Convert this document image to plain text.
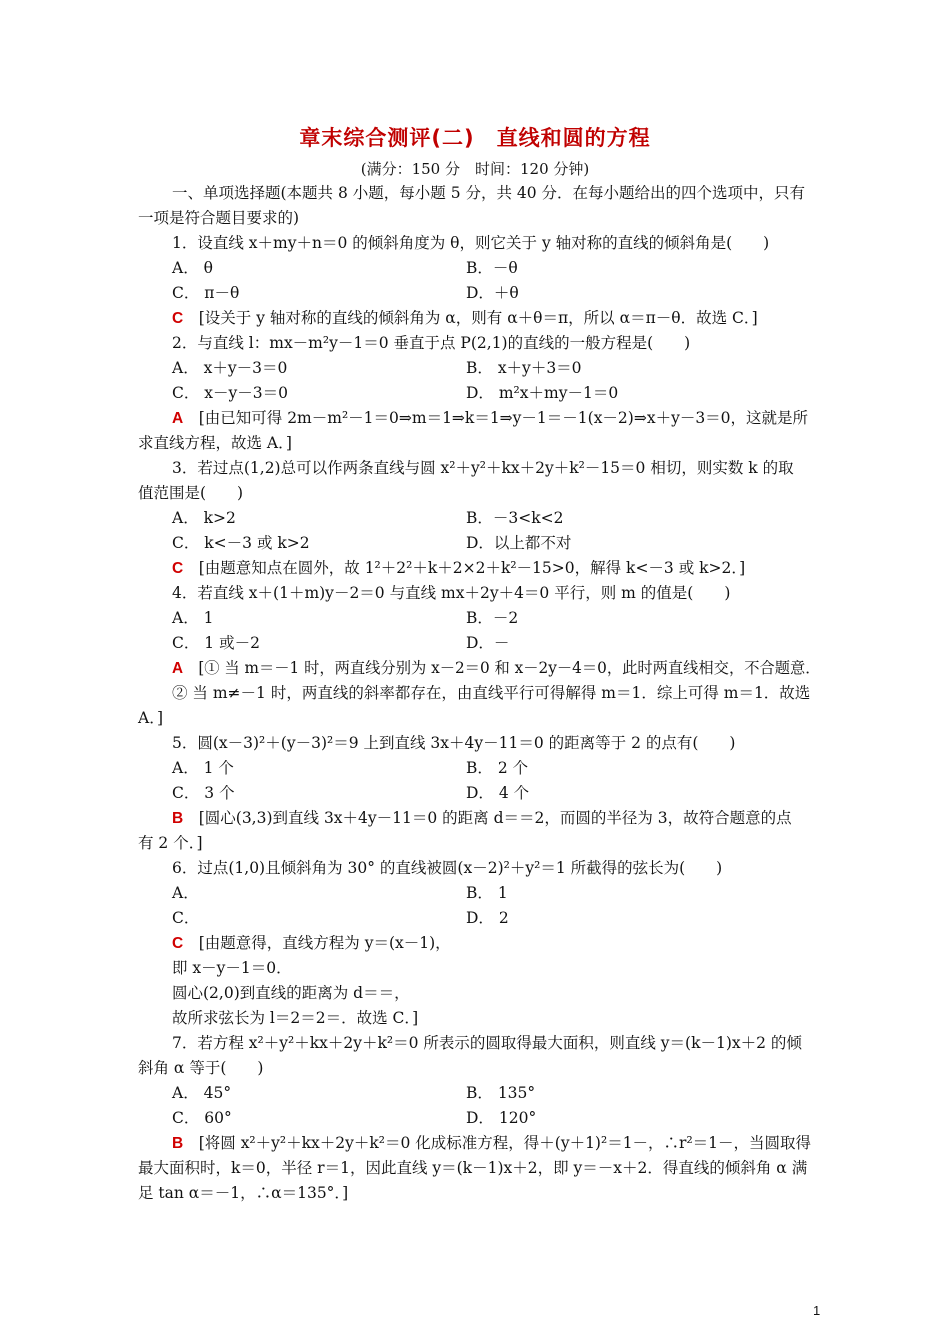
章末综合测评(二)　直线和圆的方程
(满分：150 分　时间：120 分钟)
一、单项选择题(本题共 8 小题，每小题 5 分，共 40 分．在每小题给出的四个选项中，只有
一项是符合题目要求的)
1．设直线 x＋my＋n＝0 的倾斜角度为 θ，则它关于 y 轴对称的直线的倾斜角是(　　)
A． θ	B．－θ
C． π－θ	D．＋θ
C　 [设关于 y 轴对称的直线的倾斜角为 α，则有 α＋θ＝π，所以 α＝π－θ．故选 C．]
2．与直线 l：mx－m²y－1＝0 垂直于点 P(2,1)的直线的一般方程是(　　)
A． x＋y－3＝0	B． x＋y＋3＝0
C． x－y－3＝0	D． m²x＋my－1＝0
A　 [由已知可得 2m－m²－1＝0⇒m＝1⇒k＝1⇒y－1＝－1(x－2)⇒x＋y－3＝0，这就是所
求直线方程，故选 A．]
3．若过点(1,2)总可以作两条直线与圆 x²＋y²＋kx＋2y＋k²－15＝0 相切，则实数 k 的取
值范围是(　　)
A． k>2	B．－3<k<2
C． k<－3 或 k>2	D．以上都不对
C　 [由题意知点在圆外，故 1²＋2²＋k＋2×2＋k²－15>0，解得 k<－3 或 k>2．]
4．若直线 x＋(1＋m)y－2＝0 与直线 mx＋2y＋4＝0 平行，则 m 的值是(　　)
A． 1	B．－2
C． 1 或－2	D．－
A　 [① 当 m＝－1 时，两直线分别为 x－2＝0 和 x－2y－4＝0，此时两直线相交，不合题意．
② 当 m≠－1 时，两直线的斜率都存在，由直线平行可得解得 m＝1．综上可得 m＝1．故选
A．]
5．圆(x－3)²＋(y－3)²＝9 上到直线 3x＋4y－11＝0 的距离等于 2 的点有(　　)
A． 1 个	B． 2 个
C． 3 个	D． 4 个
B　 [圆心(3,3)到直线 3x＋4y－11＝0 的距离 d＝＝2，而圆的半径为 3，故符合题意的点
有 2 个．]
6．过点(1,0)且倾斜角为 30° 的直线被圆(x－2)²＋y²＝1 所截得的弦长为(　　)
A．	B． 1
C．	D． 2
C　 [由题意得，直线方程为 y＝(x－1)，
即 x－y－1＝0．
圆心(2,0)到直线的距离为 d＝＝，
故所求弦长为 l＝2＝2＝．故选 C．]
7．若方程 x²＋y²＋kx＋2y＋k²＝0 所表示的圆取得最大面积，则直线 y＝(k－1)x＋2 的倾
斜角 α 等于(　　)
A． 45°	B． 135°
C． 60°	D． 120°
B　 [将圆 x²＋y²＋kx＋2y＋k²＝0 化成标准方程，得＋(y＋1)²＝1－，∴r²＝1－，当圆取得
最大面积时，k＝0，半径 r＝1，因此直线 y＝(k－1)x＋2，即 y＝－x＋2．得直线的倾斜角 α 满
足 tan α＝－1，∴α＝135°．]
1
